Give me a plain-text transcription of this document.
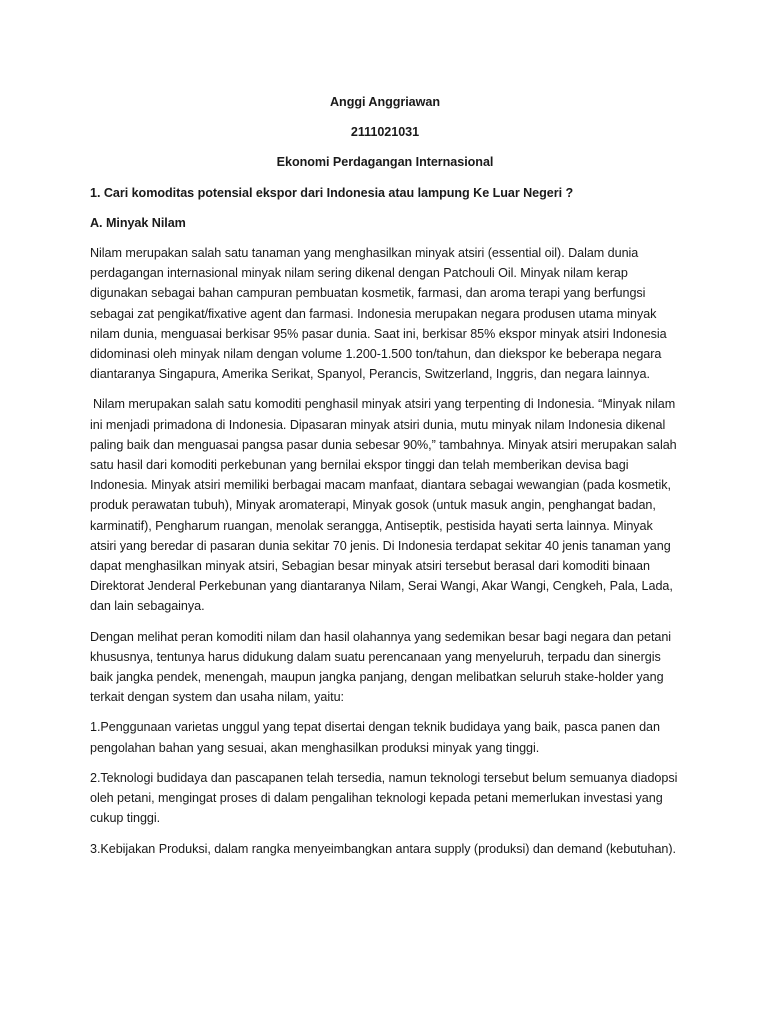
Anggi Anggriawan

2111021031

Ekonomi Perdagangan Internasional

1. Cari komoditas potensial ekspor dari Indonesia atau lampung Ke Luar Negeri ?

A. Minyak Nilam

Nilam merupakan salah satu tanaman yang menghasilkan minyak atsiri (essential oil). Dalam dunia perdagangan internasional minyak nilam sering dikenal dengan Patchouli Oil. Minyak nilam kerap digunakan sebagai bahan campuran pembuatan kosmetik, farmasi, dan aroma terapi yang berfungsi sebagai zat pengikat/fixative agent dan farmasi. Indonesia merupakan negara produsen utama minyak nilam dunia, menguasai berkisar 95% pasar dunia. Saat ini, berkisar 85% ekspor minyak atsiri Indonesia didominasi oleh minyak nilam dengan volume 1.200-1.500 ton/tahun, dan diekspor ke beberapa negara diantaranya Singapura, Amerika Serikat, Spanyol, Perancis, Switzerland, Inggris, dan negara lainnya.

Nilam merupakan salah satu komoditi penghasil minyak atsiri yang terpenting di Indonesia. “Minyak nilam ini menjadi primadona di Indonesia. Dipasaran minyak atsiri dunia, mutu minyak nilam Indonesia dikenal paling baik dan menguasai pangsa pasar dunia sebesar 90%,” tambahnya. Minyak atsiri merupakan salah satu hasil dari komoditi perkebunan yang bernilai ekspor tinggi dan telah memberikan devisa bagi Indonesia. Minyak atsiri memiliki berbagai macam manfaat, diantara sebagai wewangian (pada kosmetik, produk perawatan tubuh), Minyak aromaterapi, Minyak gosok (untuk masuk angin, penghangat badan, karminatif), Pengharum ruangan, menolak serangga, Antiseptik, pestisida hayati serta lainnya. Minyak atsiri yang beredar di pasaran dunia sekitar 70 jenis. Di Indonesia terdapat sekitar 40 jenis tanaman yang dapat menghasilkan minyak atsiri, Sebagian besar minyak atsiri tersebut berasal dari komoditi binaan Direktorat Jenderal Perkebunan yang diantaranya Nilam, Serai Wangi, Akar Wangi, Cengkeh, Pala, Lada, dan lain sebagainya.

Dengan melihat peran komoditi nilam dan hasil olahannya yang sedemikan besar bagi negara dan petani khususnya, tentunya harus didukung dalam suatu perencanaan yang menyeluruh, terpadu dan sinergis baik jangka pendek, menengah, maupun jangka panjang, dengan melibatkan seluruh stake-holder yang terkait dengan system dan usaha nilam, yaitu:

1.Penggunaan varietas unggul yang tepat disertai dengan teknik budidaya yang baik, pasca panen dan pengolahan bahan yang sesuai, akan menghasilkan produksi minyak yang tinggi.

2.Teknologi budidaya dan pascapanen telah tersedia, namun teknologi tersebut belum semuanya diadopsi oleh petani, mengingat proses di dalam pengalihan teknologi kepada petani memerlukan investasi yang cukup tinggi.

3.Kebijakan Produksi, dalam rangka menyeimbangkan antara supply (produksi) dan demand (kebutuhan).
